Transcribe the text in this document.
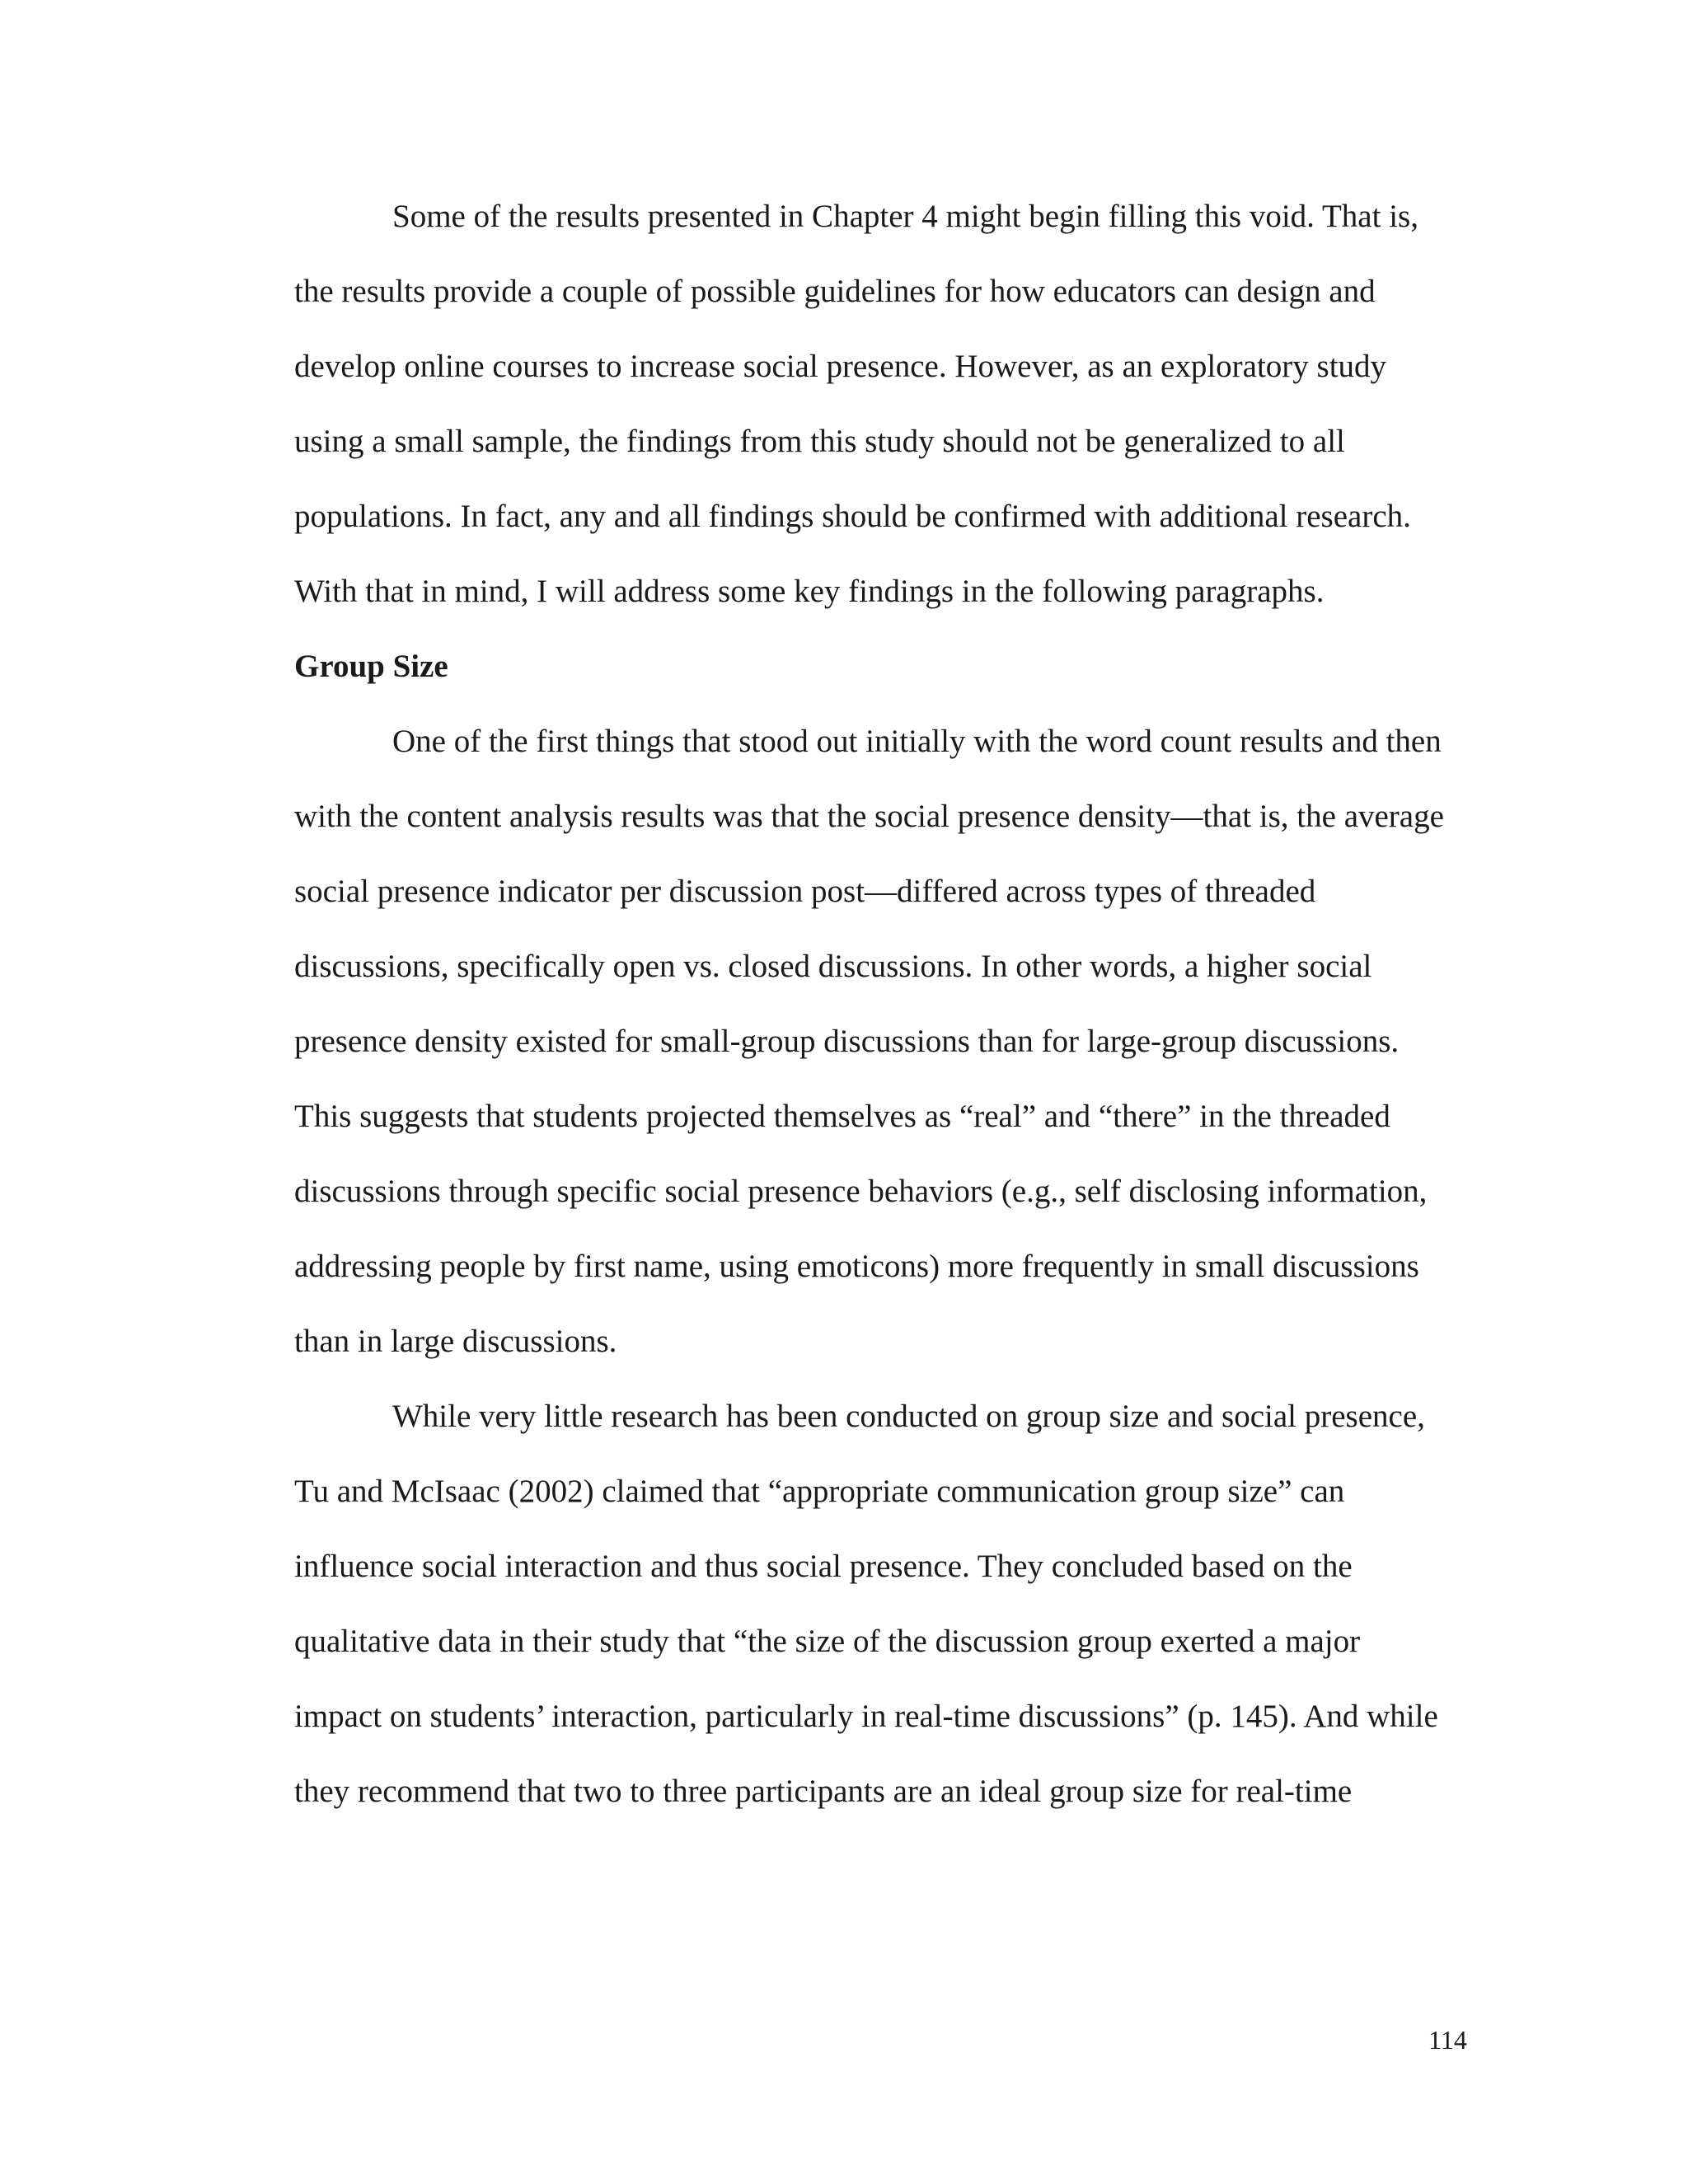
Some of the results presented in Chapter 4 might begin filling this void. That is,
the results provide a couple of possible guidelines for how educators can design and
develop online courses to increase social presence. However, as an exploratory study
using a small sample, the findings from this study should not be generalized to all
populations. In fact, any and all findings should be confirmed with additional research.
With that in mind, I will address some key findings in the following paragraphs.
Group Size
One of the first things that stood out initially with the word count results and then
with the content analysis results was that the social presence density—that is, the average
social presence indicator per discussion post—differed across types of threaded
discussions, specifically open vs. closed discussions. In other words, a higher social
presence density existed for small-group discussions than for large-group discussions.
This suggests that students projected themselves as “real” and “there” in the threaded
discussions through specific social presence behaviors (e.g., self disclosing information,
addressing people by first name, using emoticons) more frequently in small discussions
than in large discussions.
While very little research has been conducted on group size and social presence,
Tu and McIsaac (2002) claimed that “appropriate communication group size” can
influence social interaction and thus social presence. They concluded based on the
qualitative data in their study that “the size of the discussion group exerted a major
impact on students’ interaction, particularly in real-time discussions” (p. 145). And while
they recommend that two to three participants are an ideal group size for real-time
114
